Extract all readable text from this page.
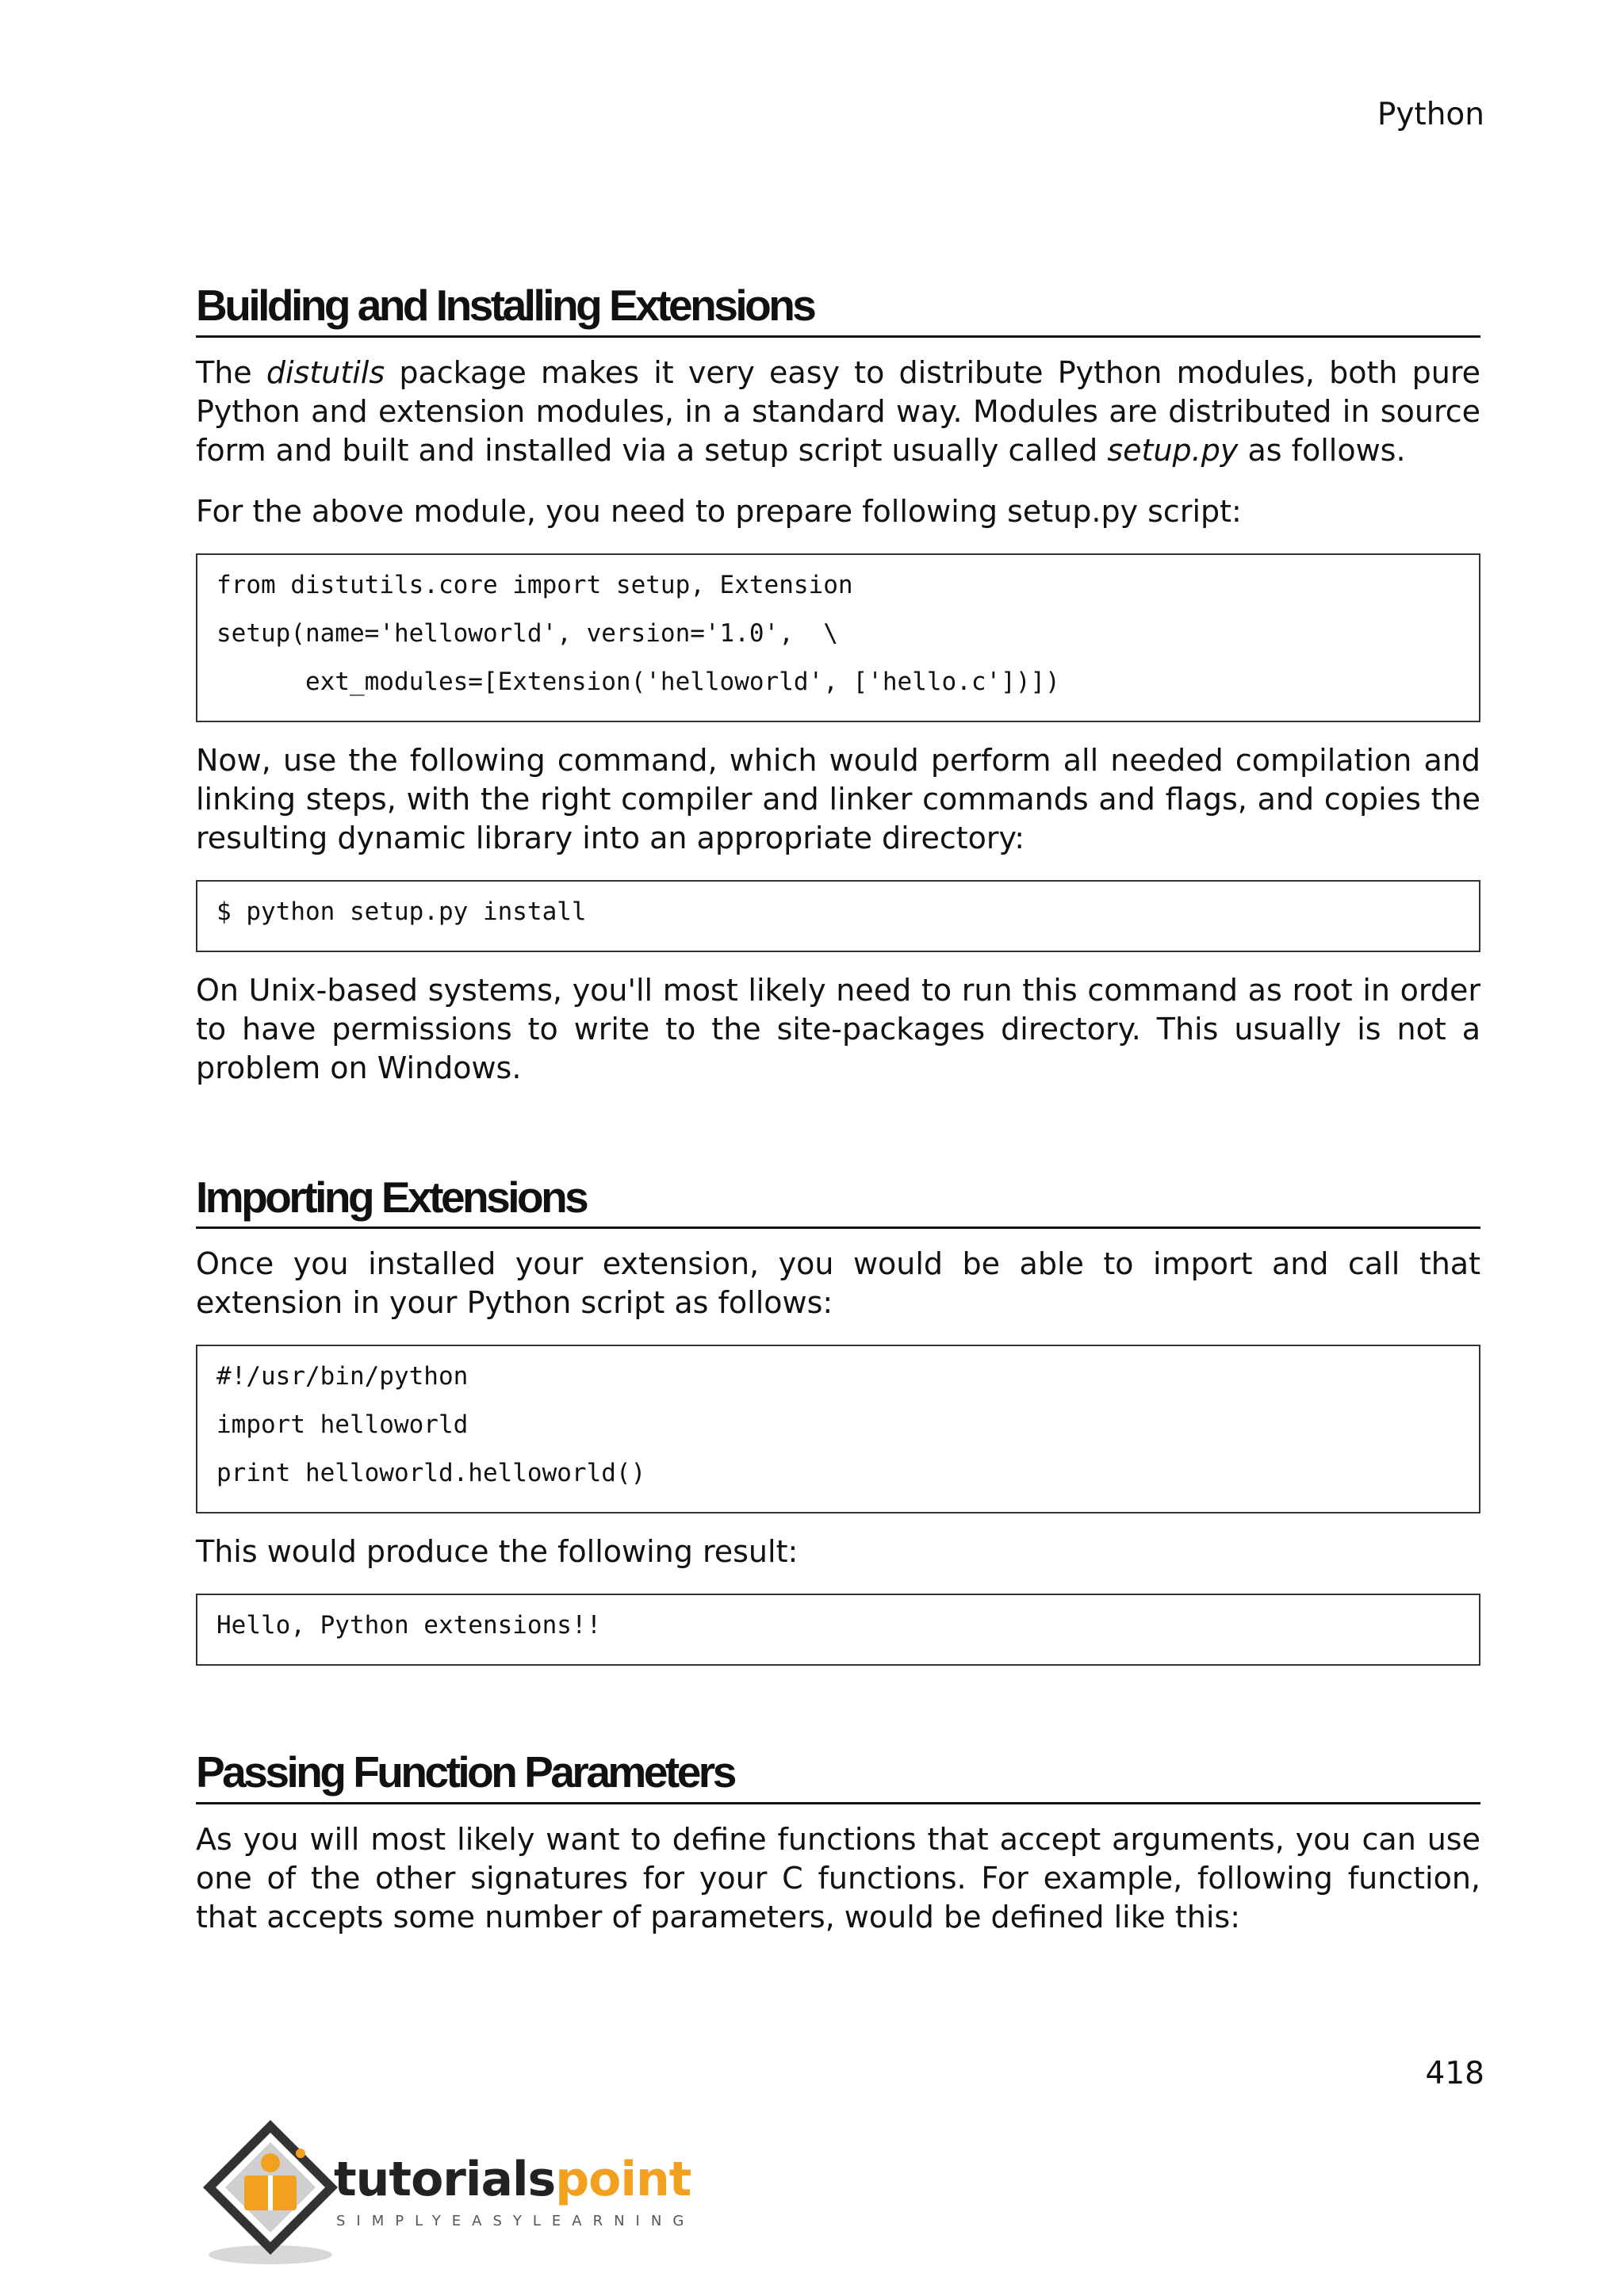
Python
Building and Installing Extensions

The distutils package makes it very easy to distribute Python modules, both pure Python and extension modules, in a standard way. Modules are distributed in source form and built and installed via a setup script usually called setup.py as follows.

For the above module, you need to prepare following setup.py script:

from distutils.core import setup, Extension
setup(name='helloworld', version='1.0',  \
ext_modules=[Extension('helloworld', ['hello.c'])])

Now, use the following command, which would perform all needed compilation and linking steps, with the right compiler and linker commands and flags, and copies the resulting dynamic library into an appropriate directory:

$ python setup.py install

On Unix-based systems, you'll most likely need to run this command as root in order to have permissions to write to the site-packages directory. This usually is not a problem on Windows.

Importing Extensions

Once you installed your extension, you would be able to import and call that extension in your Python script as follows:

#!/usr/bin/python
import helloworld
print helloworld.helloworld()

This would produce the following result:

Hello, Python extensions!!
Passing Function Parameters

As you will most likely want to define functions that accept arguments, you can use one of the other signatures for your C functions. For example, following function, that accepts some number of parameters, would be defined like this:

418
tutorialspoint
SIMPLYEASYLEARNING
